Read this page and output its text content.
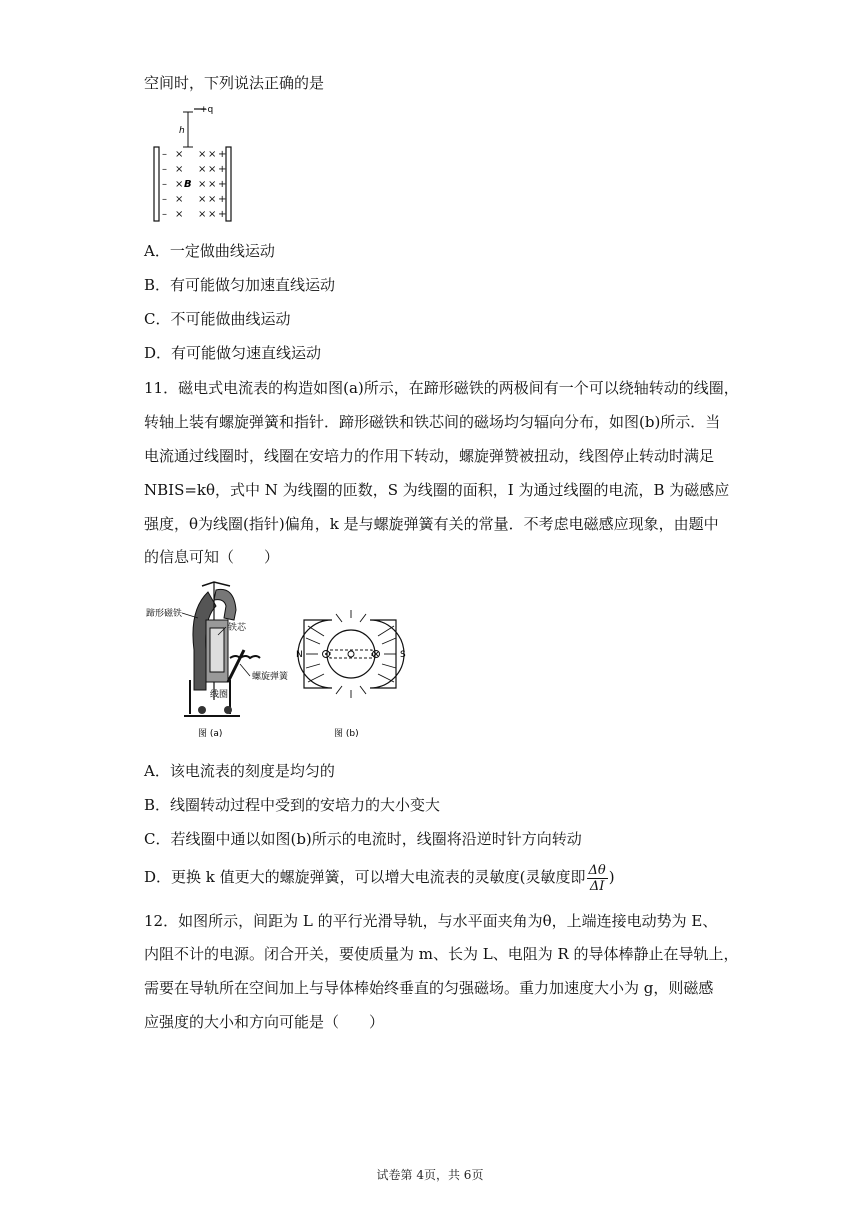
空间时，下列说法正确的是
+q
h
–
–
–
–
–
+
+
+
+
+
× × ×
× × ×
× × ×
× × ×
× × ×
B
A．一定做曲线运动
B．有可能做匀加速直线运动
C．不可能做曲线运动
D．有可能做匀速直线运动
11．磁电式电流表的构造如图(a)所示，在蹄形磁铁的两极间有一个可以绕轴转动的线圈，
转轴上装有螺旋弹簧和指针．蹄形磁铁和铁芯间的磁场均匀辐向分布，如图(b)所示．当
电流通过线圈时，线圈在安培力的作用下转动，螺旋弹赞被扭动，线图停止转动时满足
NBIS=kθ，式中 N 为线圈的匝数，S 为线圈的面积，I 为通过线圈的电流，B 为磁感应
强度，θ为线圈(指针)偏角，k 是与螺旋弹簧有关的常量．不考虑电磁感应现象，由题中
的信息可知（　　）
蹄形磁铁
铁芯
螺旋弹簧
线圈
图 (a)
N	S
图 (b)
A．该电流表的刻度是均匀的
B．线圈转动过程中受到的安培力的大小变大
C．若线圈中通以如图(b)所示的电流时，线圈将沿逆时针方向转动
D．更换 k 值更大的螺旋弹簧，可以增大电流表的灵敏度(灵敏度即 $\frac{\Delta\theta}{\Delta I}$ )
12．如图所示，间距为 L 的平行光滑导轨，与水平面夹角为θ，上端连接电动势为 E、
内阻不计的电源。闭合开关，要使质量为 m、长为 L、电阻为 R 的导体棒静止在导轨上，
需要在导轨所在空间加上与导体棒始终垂直的匀强磁场。重力加速度大小为 g，则磁感
应强度的大小和方向可能是（　　）
试卷第 4页，共 6页
